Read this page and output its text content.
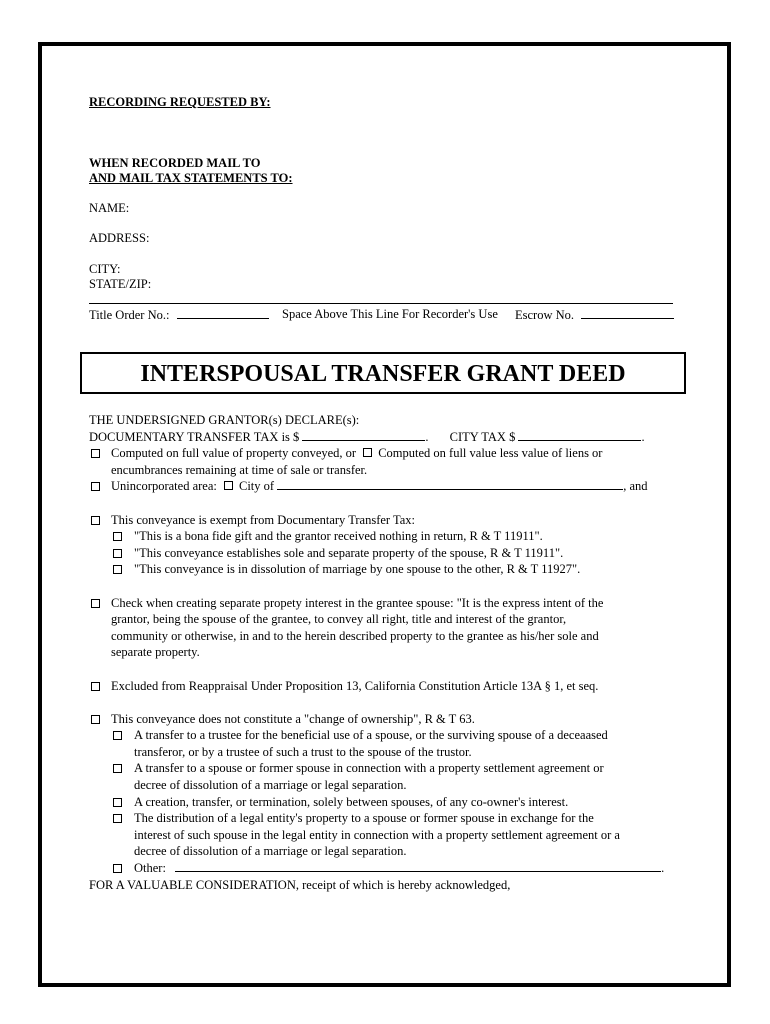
RECORDING REQUESTED BY:
WHEN RECORDED MAIL TO
AND MAIL TAX STATEMENTS TO:
NAME:
ADDRESS:
CITY:
STATE/ZIP:
Title Order No.:	Space Above This Line For Recorder's Use Escrow No.
INTERSPOUSAL TRANSFER GRANT DEED
THE UNDERSIGNED GRANTOR(s) DECLARE(s):
DOCUMENTARY TRANSFER TAX is $	. CITY TAX $	.
Computed on full value of property conveyed, or Computed on full value less value of liens or
encumbrances remaining at time of sale or transfer.
Unincorporated area: City of	, and
This conveyance is exempt from Documentary Transfer Tax:
"This is a bona fide gift and the grantor received nothing in return, R & T 11911".
"This conveyance establishes sole and separate property of the spouse, R & T 11911".
"This conveyance is in dissolution of marriage by one spouse to the other, R & T 11927".
Check when creating separate propety interest in the grantee spouse: "It is the express intent of the
grantor, being the spouse of the grantee, to convey all right, title and interest of the grantor,
community or otherwise, in and to the herein described property to the grantee as his/her sole and
separate property.
Excluded from Reappraisal Under Proposition 13, California Constitution Article 13A § 1, et seq.
This conveyance does not constitute a "change of ownership", R & T 63.
A transfer to a trustee for the beneficial use of a spouse, or the surviving spouse of a deceaased
transferor, or by a trustee of such a trust to the spouse of the trustor.
A transfer to a spouse or former spouse in connection with a property settlement agreement or
decree of dissolution of a marriage or legal separation.
A creation, transfer, or termination, solely between spouses, of any co-owner's interest.
The distribution of a legal entity's property to a spouse or former spouse in exchange for the
interest of such spouse in the legal entity in connection with a property settlement agreement or a
decree of dissolution of a marriage or legal separation.
Other:	.
FOR A VALUABLE CONSIDERATION, receipt of which is hereby acknowledged,
